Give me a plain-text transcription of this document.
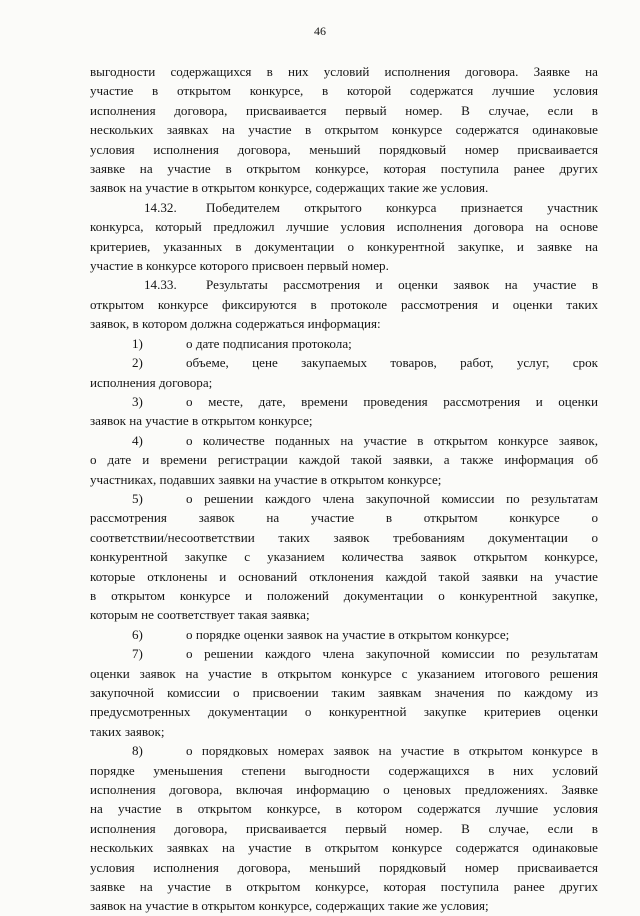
46
выгодности содержащихся в них условий исполнения договора. Заявке на
участие в открытом конкурсе, в которой содержатся лучшие условия
исполнения договора, присваивается первый номер. В случае, если в
нескольких заявках на участие в открытом конкурсе содержатся одинаковые
условия исполнения договора, меньший порядковый номер присваивается
заявке на участие в открытом конкурсе, которая поступила ранее других
заявок на участие в открытом конкурсе, содержащих такие же условия.
14.32.	Победителем открытого конкурса признается участник
конкурса, который предложил лучшие условия исполнения договора на основе
критериев, указанных в документации о конкурентной закупке, и заявке на
участие в конкурсе которого присвоен первый номер.
14.33.	Результаты рассмотрения и оценки заявок на участие в
открытом конкурсе фиксируются в протоколе рассмотрения и оценки таких
заявок, в котором должна содержаться информация:
1)	о дате подписания протокола;
2)	объеме, цене закупаемых товаров, работ, услуг, срок
исполнения договора;
3)	о месте, дате, времени проведения рассмотрения и оценки
заявок на участие в открытом конкурсе;
4)	о количестве поданных на участие в открытом конкурсе заявок,
о дате и времени регистрации каждой такой заявки, а также информация об
участниках, подавших заявки на участие в открытом конкурсе;
5)	о решении каждого члена закупочной комиссии по результатам
рассмотрения заявок на участие в открытом конкурсе о
соответствии/несоответствии таких заявок требованиям документации о
конкурентной закупке с указанием количества заявок открытом конкурсе,
которые отклонены и оснований отклонения каждой такой заявки на участие
в открытом конкурсе и положений документации о конкурентной закупке,
которым не соответствует такая заявка;
6)	о порядке оценки заявок на участие в открытом конкурсе;
7)	о решении каждого члена закупочной комиссии по результатам
оценки заявок на участие в открытом конкурсе с указанием итогового решения
закупочной комиссии о присвоении таким заявкам значения по каждому из
предусмотренных документации о конкурентной закупке критериев оценки
таких заявок;
8)	о порядковых номерах заявок на участие в открытом конкурсе в
порядке уменьшения степени выгодности содержащихся в них условий
исполнения договора, включая информацию о ценовых предложениях. Заявке
на участие в открытом конкурсе, в котором содержатся лучшие условия
исполнения договора, присваивается первый номер. В случае, если в
нескольких заявках на участие в открытом конкурсе содержатся одинаковые
условия исполнения договора, меньший порядковый номер присваивается
заявке на участие в открытом конкурсе, которая поступила ранее других
заявок на участие в открытом конкурсе, содержащих такие же условия;
